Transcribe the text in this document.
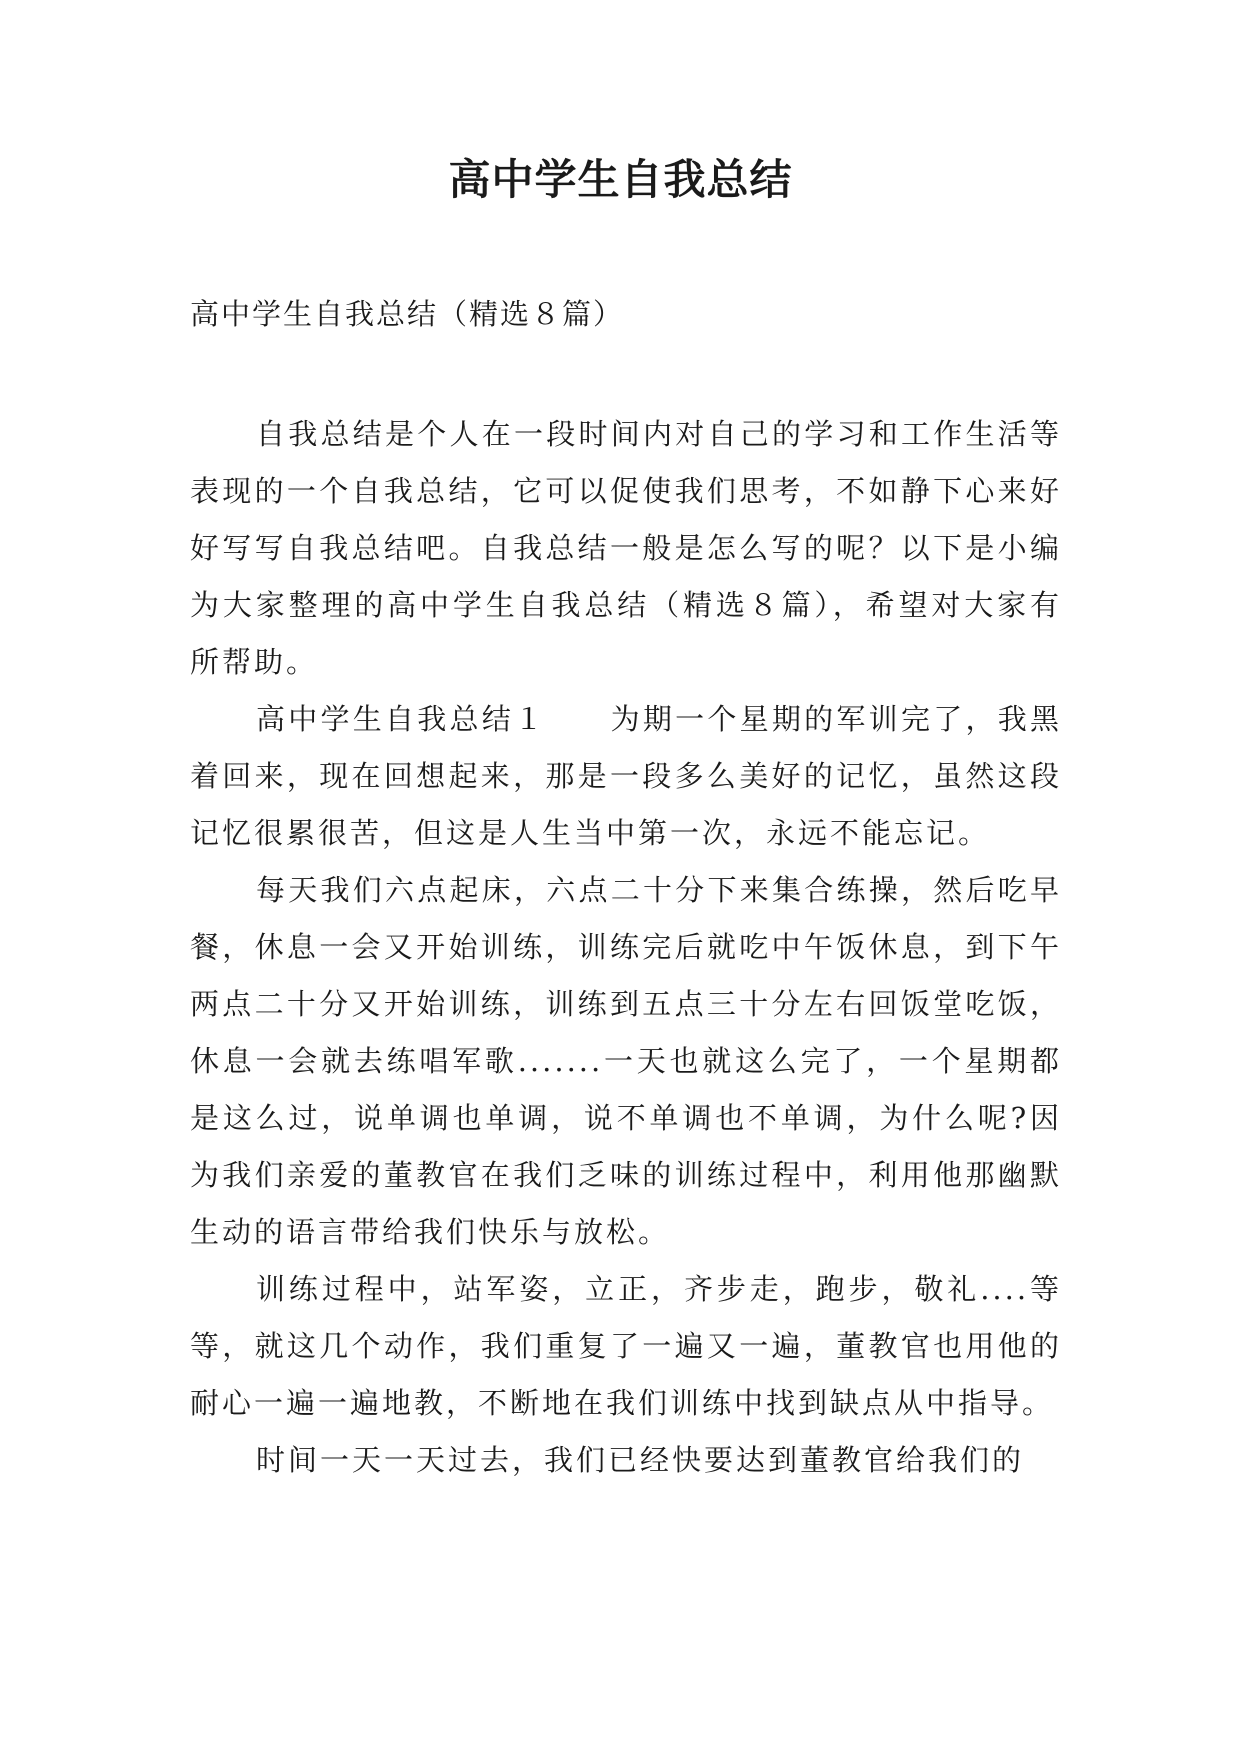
高中学生自我总结
高中学生自我总结（精选８篇）

自我总结是个人在一段时间内对自己的学习和工作生活等表现的一个自我总结，它可以促使我们思考，不如静下心来好好写写自我总结吧。自我总结一般是怎么写的呢？以下是小编为大家整理的高中学生自我总结（精选８篇），希望对大家有所帮助。

高中学生自我总结１ 为期一个星期的军训完了，我黑着回来，现在回想起来，那是一段多么美好的记忆，虽然这段记忆很累很苦，但这是人生当中第一次，永远不能忘记。

每天我们六点起床，六点二十分下来集合练操，然后吃早餐，休息一会又开始训练，训练完后就吃中午饭休息，到下午两点二十分又开始训练，训练到五点三十分左右回饭堂吃饭，休息一会就去练唱军歌.......一天也就这么完了，一个星期都是这么过，说单调也单调，说不单调也不单调，为什么呢?因为我们亲爱的董教官在我们乏味的训练过程中，利用他那幽默生动的语言带给我们快乐与放松。

训练过程中，站军姿，立正，齐步走，跑步，敬礼....等等，就这几个动作，我们重复了一遍又一遍，董教官也用他的耐心一遍一遍地教，不断地在我们训练中找到缺点从中指导。

时间一天一天过去，我们已经快要达到董教官给我们的
